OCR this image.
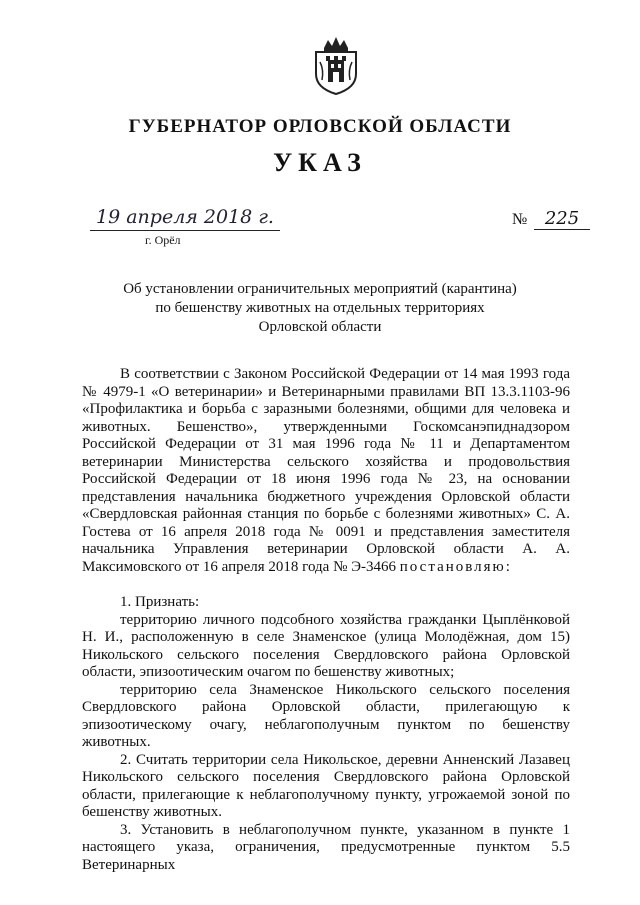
ГУБЕРНАТОР ОРЛОВСКОЙ ОБЛАСТИ
УКАЗ
19 апреля 2018 г.
г. Орёл
№ 225
Об установлении ограничительных мероприятий (карантина)
по бешенству животных на отдельных территориях
Орловской области

В соответствии с Законом Российской Федерации от 14 мая 1993 года № 4979-1 «О ветеринарии» и Ветеринарными правилами ВП 13.3.1103-96 «Профилактика и борьба с заразными болезнями, общими для человека и животных. Бешенство», утвержденными Госкомсанэпиднадзором Российской Федерации от 31 мая 1996 года № 11 и Департаментом ветеринарии Министерства сельского хозяйства и продовольствия Российской Федерации от 18 июня 1996 года № 23, на основании представления начальника бюджетного учреждения Орловской области «Свердловская районная станция по борьбе с болезнями животных» С. А. Гостева от 16 апреля 2018 года № 0091 и представления заместителя начальника Управления ветеринарии Орловской области А. А. Максимовского от 16 апреля 2018 года № Э-3466 постановляю:

1. Признать:

территорию личного подсобного хозяйства гражданки Цыплёнковой Н. И., расположенную в селе Знаменское (улица Молодёжная, дом 15) Никольского сельского поселения Свердловского района Орловской области, эпизоотическим очагом по бешенству животных;

территорию села Знаменское Никольского сельского поселения Свердловского района Орловской области, прилегающую к эпизоотическому очагу, неблагополучным пунктом по бешенству животных.

2. Считать территории села Никольское, деревни Анненский Лазавец Никольского сельского поселения Свердловского района Орловской области, прилегающие к неблагополучному пункту, угрожаемой зоной по бешенству животных.

3. Установить в неблагополучном пункте, указанном в пункте 1 настоящего указа, ограничения, предусмотренные пунктом 5.5 Ветеринарных
